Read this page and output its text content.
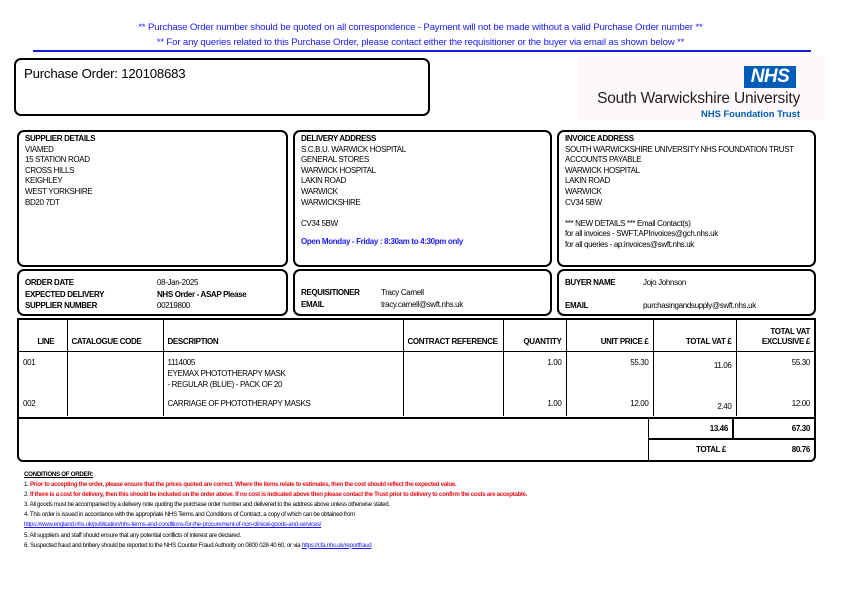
** Purchase Order number should be quoted on all correspondence - Payment will not be made without a valid Purchase Order number **
** For any queries related to this Purchase Order, please contact either the requisitioner or the buyer via email as shown below **
Purchase Order: 120108683	NHS
South Warwickshire University
NHS Foundation Trust
SUPPLIER DETAILS
VIAMED
15 STATION ROAD
CROSS HILLS
KEIGHLEY
WEST YORKSHIRE
BD20 7DT
DELIVERY ADDRESS
S.C.B.U. WARWICK HOSPITAL
GENERAL STORES
WARWICK HOSPITAL
LAKIN ROAD
WARWICK
WARWICKSHIRE
CV34 5BW
Open Monday - Friday : 8:30am to 4:30pm only
INVOICE ADDRESS
SOUTH WARWICKSHIRE UNIVERSITY NHS FOUNDATION TRUST
ACCOUNTS PAYABLE
WARWICK HOSPITAL
LAKIN ROAD
WARWICK
CV34 5BW
*** NEW DETAILS *** Email Contact(s)
for all invoices - SWFT.APInvoices@gch.nhs.uk
for all queries - ap.invoices@swft.nhs.uk
ORDER DATE	08-Jan-2025
EXPECTED DELIVERY	NHS Order - ASAP Please
SUPPLIER NUMBER	00219800
REQUISITIONER	Tracy Carnell
EMAIL	tracy.carnell@swft.nhs.uk
BUYER NAME	Jojo Johnson
EMAIL	purchasingandsupply@swft.nhs.uk
LINE	CATALOGUE CODE	DESCRIPTION	CONTRACT REFERENCE	QUANTITY	UNIT PRICE £	TOTAL VAT £	TOTAL VAT EXCLUSIVE £
001		1114005
EYEMAX PHOTOTHERAPY MASK
- REGULAR (BLUE) - PACK OF 20		1.00	55.30	11.06	55.30
002		CARRIAGE OF PHOTOTHERAPY MASKS		1.00	12.00	2.40	12.00
13.46	67.30
TOTAL £	80.76
CONDITIONS OF ORDER:
1. Prior to accepting the order, please ensure that the prices quoted are correct. Where the items relate to estimates, then the cost should reflect the expected value.
2. If there is a cost for delivery, then this should be included on the order above. If no cost is indicated above then please contact the Trust prior to delivery to confirm the costs are acceptable.
3. All goods must be accompanied by a delivery note quoting the purchase order number and delivered to the address above unless otherwise stated.
4. This order is issued in accordance with the appropriate NHS Terms and Conditions of Contract, a copy of which can be obtained from
https://www.england.nhs.uk/publication/nhs-terms-and-conditions-for-the-procurement-of-non-clinical-goods-and-services/
5. All suppliers and staff should ensure that any potential conflicts of interest are declared.
6. Suspected fraud and bribery should be reported to the NHS Counter Fraud Authority on 0800 028 40 60, or via https://cfa.nhs.uk/reportfraud
